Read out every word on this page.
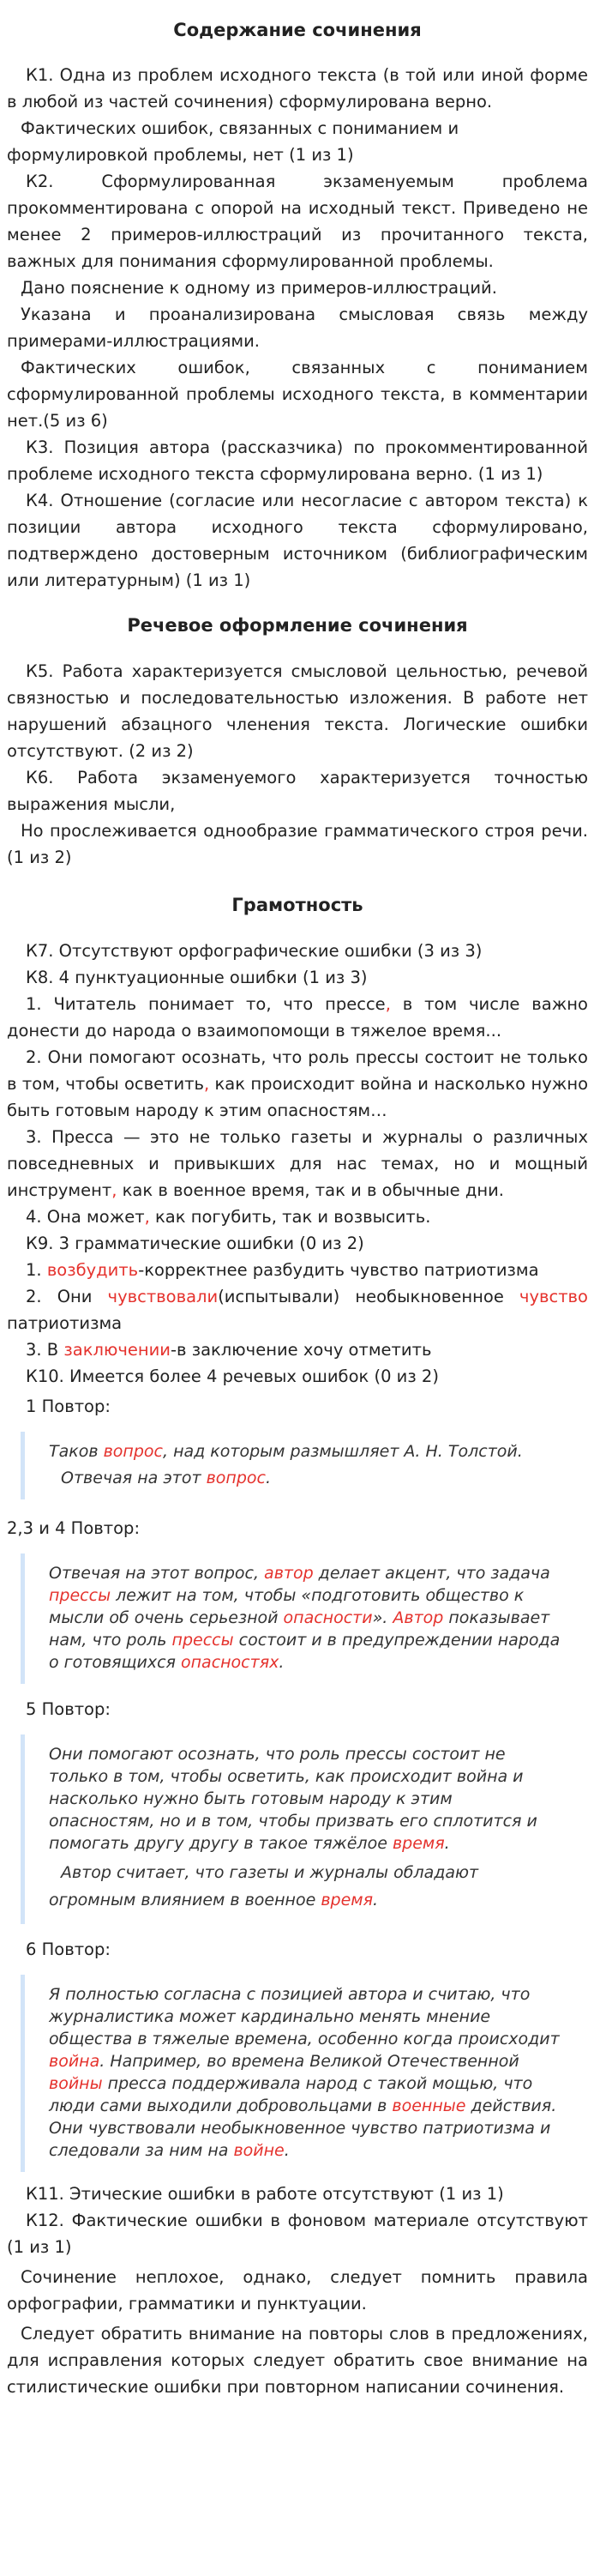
Содержание сочинения

К1. Одна из проблем исходного текста (в той или иной форме в любой из частей сочинения) сформулирована верно.

Фактических ошибок, связанных с пониманием и формулировкой проблемы, нет (1 из 1)

К2. Сформулированная экзаменуемым проблема прокомментирована с опорой на исходный текст. Приведено не менее 2 примеров-иллюстраций из прочитанного текста, важных для понимания сформулированной проблемы.

Дано пояснение к одному из примеров-иллюстраций.

Указана и проанализирована смысловая связь между примерами-иллюстрациями.

Фактических ошибок, связанных с пониманием сформулированной проблемы исходного текста, в комментарии нет.(5 из 6)

К3. Позиция автора (рассказчика) по прокомментированной проблеме исходного текста сформулирована верно. (1 из 1)

К4. Отношение (согласие или несогласие с автором текста) к позиции автора исходного текста сформулировано, подтверждено достоверным источником (библиографическим или литературным) (1 из 1)

Речевое оформление сочинения

К5. Работа характеризуется смысловой цельностью, речевой связностью и последовательностью изложения. В работе нет нарушений абзацного членения текста. Логические ошибки отсутствуют. (2 из 2)

К6. Работа экзаменуемого характеризуется точностью выражения мысли,

Но прослеживается однообразие грамматического строя речи.(1 из 2)

Грамотность

К7. Отсутствуют орфографические ошибки (3 из 3)

К8. 4 пунктуационные ошибки (1 из 3)

1. Читатель понимает то, что прессе, в том числе важно донести до народа о взаимопомощи в тяжелое время...

2. Они помогают осознать, что роль прессы состоит не только в том, чтобы осветить, как происходит война и насколько нужно быть готовым народу к этим опасностям…

3. Пресса — это не только газеты и журналы о различных повседневных и привыкших для нас темах, но и мощный инструмент, как в военное время, так и в обычные дни.

4. Она может, как погубить, так и возвысить.

К9. 3 грамматические ошибки (0 из 2)

1. возбудить-корректнее разбудить чувство патриотизма

2. Они чувствовали(испытывали) необыкновенное чувство патриотизма

3. В заключении-в заключение хочу отметить

К10. Имеется более 4 речевых ошибок (0 из 2)

1 Повтор:

Таков вопрос, над которым размышляет А. Н. Толстой.

Отвечая на этот вопрос.

2,3 и 4 Повтор:

Отвечая на этот вопрос, автор делает акцент, что задача прессы лежит на том, чтобы «подготовить общество к мысли об очень серьезной опасности». Автор показывает нам, что роль прессы состоит и в предупреждении народа о готовящихся опасностях.

5 Повтор:

Они помогают осознать, что роль прессы состоит не только в том, чтобы осветить, как происходит война и насколько нужно быть готовым народу к этим опасностям, но и в том, чтобы призвать его сплотится и помогать другу другу в такое тяжёлое время.

Автор считает, что газеты и журналы обладают огромным влиянием в военное время.

6 Повтор:

Я полностью согласна с позицией автора и считаю, что журналистика может кардинально менять мнение общества в тяжелые времена, особенно когда происходит война. Например, во времена Великой Отечественной войны пресса поддерживала народ с такой мощью, что люди сами выходили добровольцами в военные действия. Они чувствовали необыкновенное чувство патриотизма и следовали за ним на войне.

К11. Этические ошибки в работе отсутствуют (1 из 1)

К12. Фактические ошибки в фоновом материале отсутствуют (1 из 1)

Сочинение неплохое, однако, следует помнить правила орфографии, грамматики и пунктуации.

Следует обратить внимание на повторы слов в предложениях, для исправления которых следует обратить свое внимание на стилистические ошибки при повторном написании сочинения.
